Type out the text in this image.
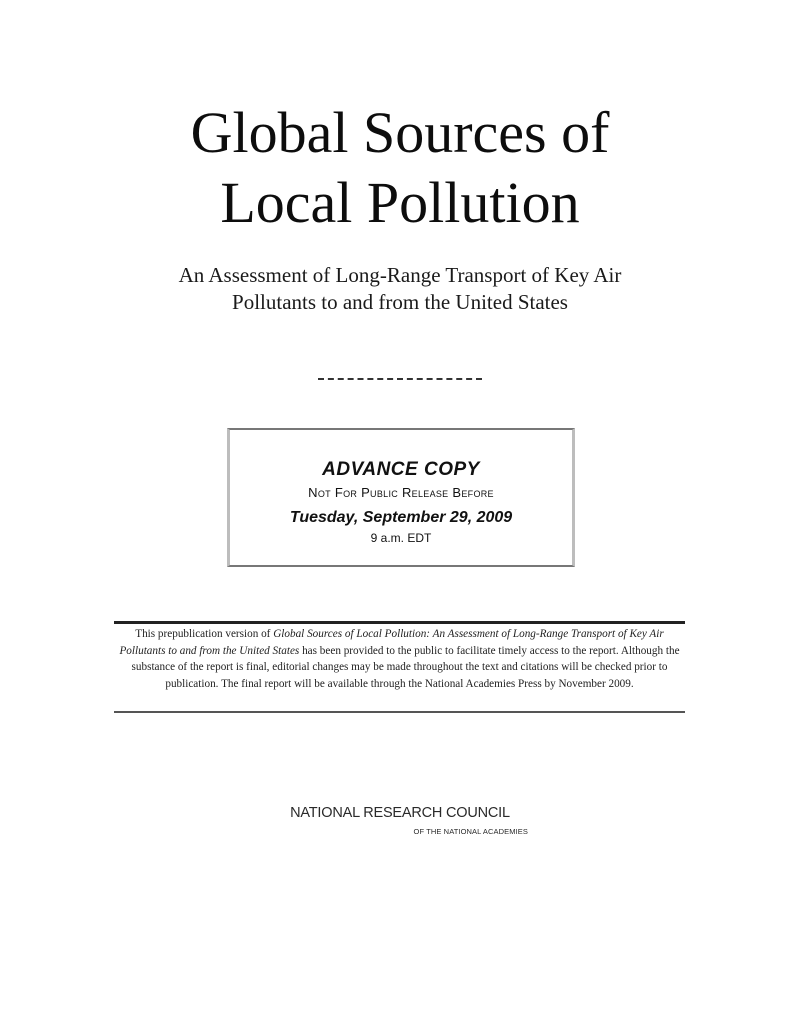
Global Sources of
Local Pollution
An Assessment of Long-Range Transport of Key Air
Pollutants to and from the United States
ADVANCE COPY
Not For Public Release Before
Tuesday, September 29, 2009
9 a.m. EDT
This prepublication version of Global Sources of Local Pollution: An Assessment of Long-Range Transport of Key Air Pollutants to and from the United States has been provided to the public to facilitate timely access to the report. Although the substance of the report is final, editorial changes may be made throughout the text and citations will be checked prior to publication. The final report will be available through the National Academies Press by November 2009.
NATIONAL RESEARCH COUNCIL
OF THE NATIONAL ACADEMIES
